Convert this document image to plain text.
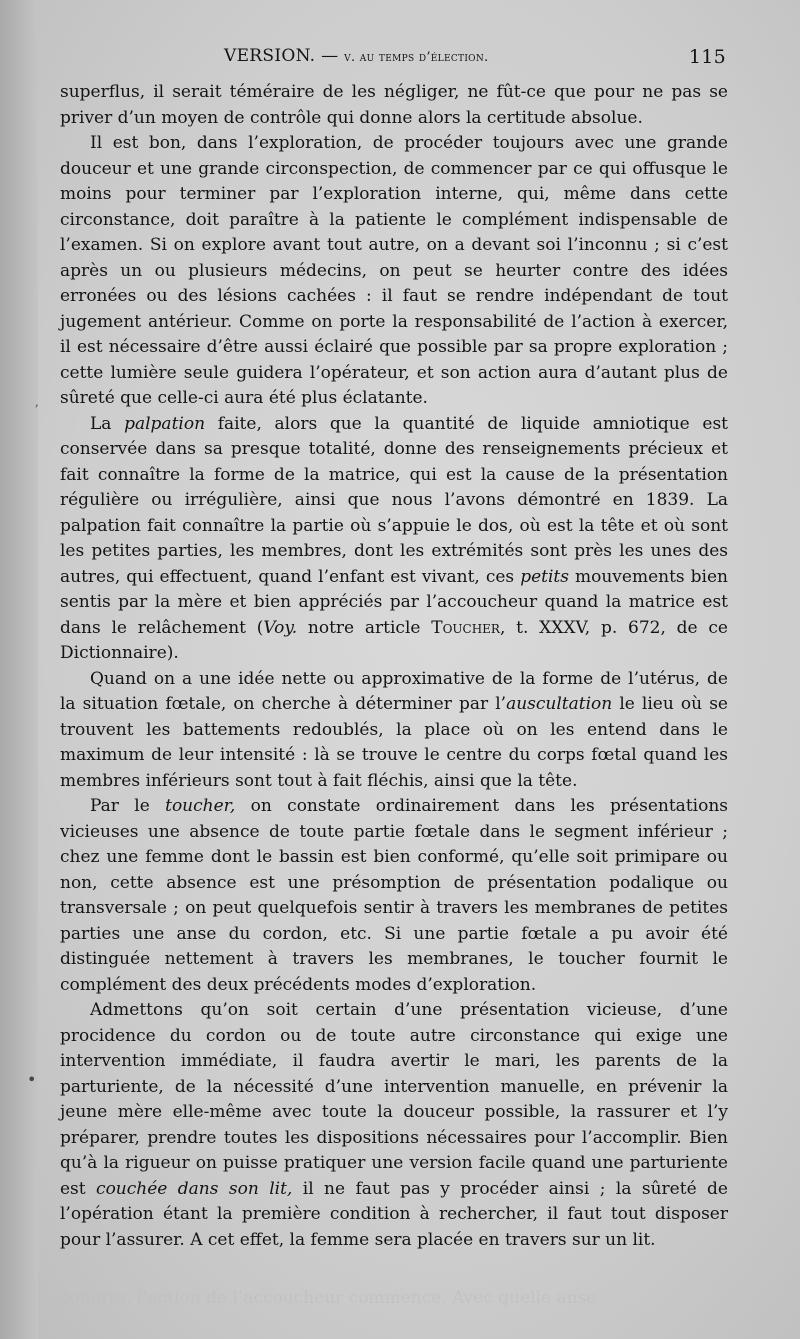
VERSION. — v. au temps d’élection.	115

superflus, il serait téméraire de les négliger, ne fût-ce que pour ne pas se priver d’un moyen de contrôle qui donne alors la certitude absolue.

Il est bon, dans l’exploration, de procéder toujours avec une grande douceur et une grande circonspection, de commencer par ce qui offusque le moins pour terminer par l’exploration interne, qui, même dans cette circonstance, doit paraître à la patiente le complément indispensable de l’examen. Si on explore avant tout autre, on a devant soi l’inconnu ; si c’est après un ou plusieurs médecins, on peut se heurter contre des idées erronées ou des lésions cachées : il faut se rendre indépendant de tout jugement antérieur. Comme on porte la responsabilité de l’action à exercer, il est nécessaire d’être aussi éclairé que possible par sa propre exploration ; cette lumière seule guidera l’opérateur, et son action aura d’autant plus de sûreté que celle-ci aura été plus éclatante.

La palpation faite, alors que la quantité de liquide amniotique est conservée dans sa presque totalité, donne des renseignements précieux et fait connaître la forme de la matrice, qui est la cause de la présentation régulière ou irrégulière, ainsi que nous l’avons démontré en 1839. La palpation fait connaître la partie où s’appuie le dos, où est la tête et où sont les petites parties, les membres, dont les extrémités sont près les unes des autres, qui effectuent, quand l’enfant est vivant, ces petits mouvements bien sentis par la mère et bien appréciés par l’accoucheur quand la matrice est dans le relâchement (Voy. notre article Toucher, t. XXXV, p. 672, de ce Dictionnaire).

Quand on a une idée nette ou approximative de la forme de l’utérus, de la situation fœtale, on cherche à déterminer par l’auscultation le lieu où se trouvent les battements redoublés, la place où on les entend dans le maximum de leur intensité : là se trouve le centre du corps fœtal quand les membres inférieurs sont tout à fait fléchis, ainsi que la tête.

Par le toucher, on constate ordinairement dans les présentations vicieuses une absence de toute partie fœtale dans le segment inférieur ; chez une femme dont le bassin est bien conformé, qu’elle soit primipare ou non, cette absence est une présomption de présentation podalique ou transversale ; on peut quelquefois sentir à travers les membranes de petites parties une anse du cordon, etc. Si une partie fœtale a pu avoir été distinguée nettement à travers les membranes, le toucher fournit le complément des deux précédents modes d’exploration.

Admettons qu’on soit certain d’une présentation vicieuse, d’une procidence du cordon ou de toute autre circonstance qui exige une intervention immédiate, il faudra avertir le mari, les parents de la parturiente, de la nécessité d’une intervention manuelle, en prévenir la jeune mère elle-même avec toute la douceur possible, la rassurer et l’y préparer, prendre toutes les dispositions nécessaires pour l’accomplir. Bien qu’à la rigueur on puisse pratiquer une version facile quand une parturiente est couchée dans son lit, il ne faut pas y procéder ainsi ; la sûreté de l’opération étant la première condition à rechercher, il faut tout disposer pour l’assurer. A cet effet, la femme sera placée en travers sur un lit.

cohorte, l’action de l’accoucheur commence. Avec quelle anse
•
,
